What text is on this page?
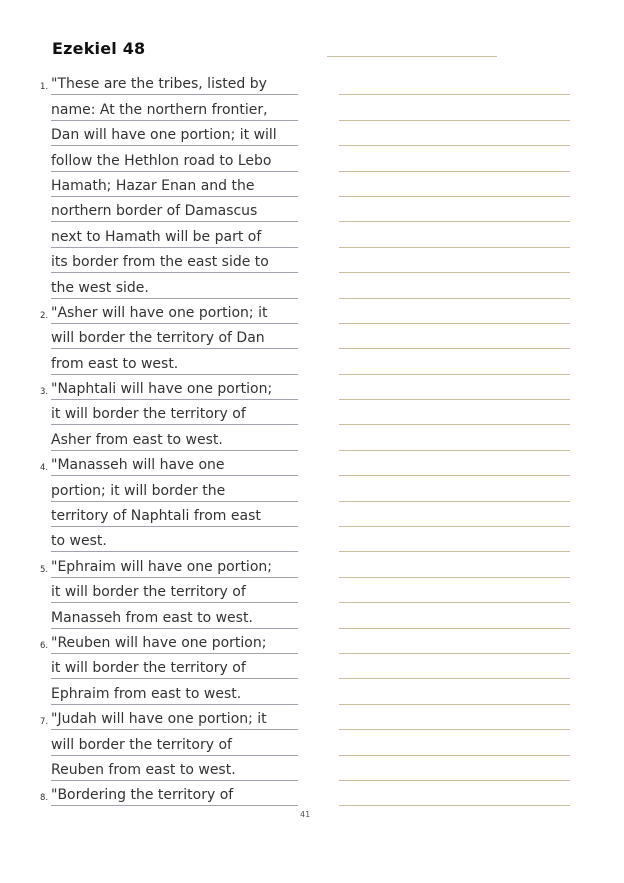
Ezekiel 48
1. "These are the tribes, listed by
name: At the northern frontier,
Dan will have one portion; it will
follow the Hethlon road to Lebo
Hamath; Hazar Enan and the
northern border of Damascus
next to Hamath will be part of
its border from the east side to
the west side.
2. "Asher will have one portion; it
will border the territory of Dan
from east to west.
3. "Naphtali will have one portion;
it will border the territory of
Asher from east to west.
4. "Manasseh will have one
portion; it will border the
territory of Naphtali from east
to west.
5. "Ephraim will have one portion;
it will border the territory of
Manasseh from east to west.
6. "Reuben will have one portion;
it will border the territory of
Ephraim from east to west.
7. "Judah will have one portion; it
will border the territory of
Reuben from east to west.
8. "Bordering the territory of
41
